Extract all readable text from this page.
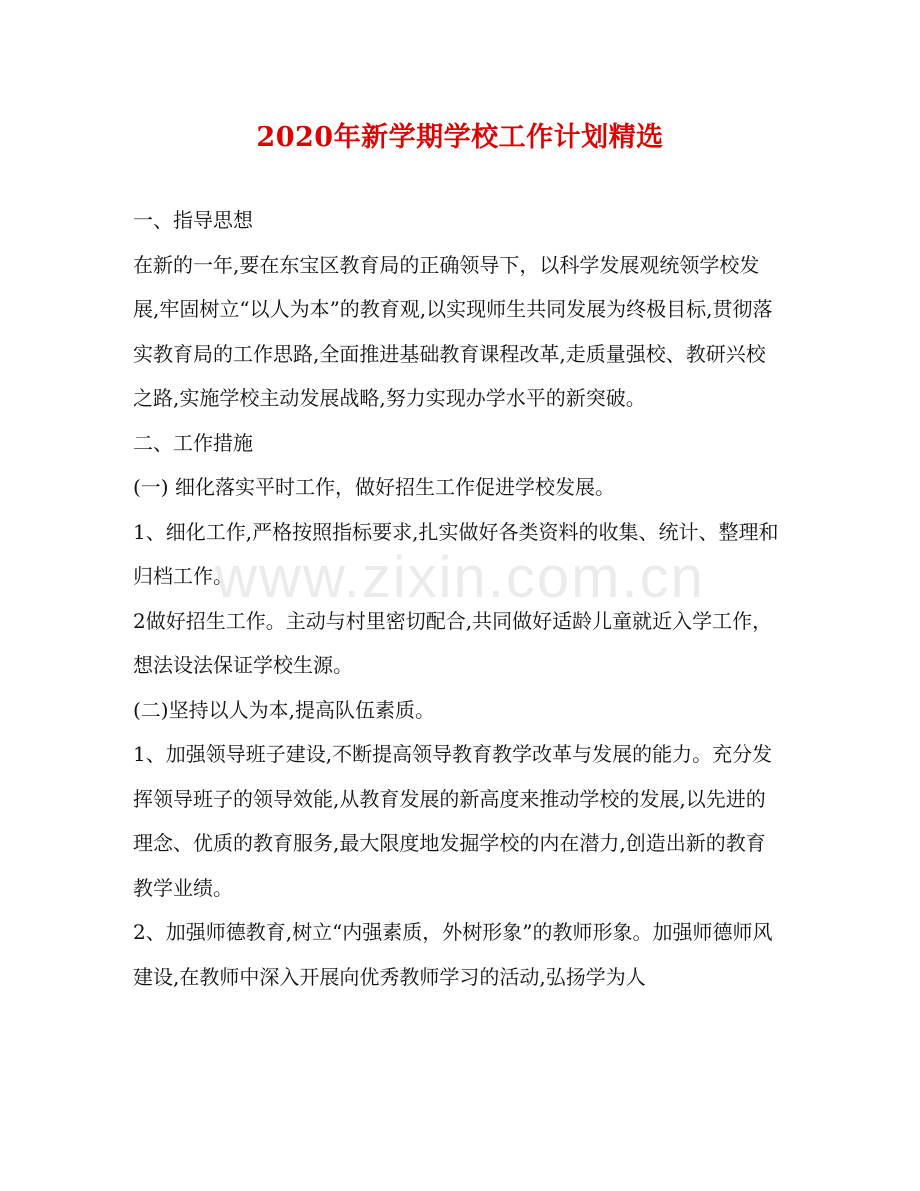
2020年新学期学校工作计划精选
www.zixin.com.cn

一、指导思想

在新的一年,要在东宝区教育局的正确领导下，以科学发展观统领学校发展,牢固树立“以人为本”的教育观,以实现师生共同发展为终极目标,贯彻落实教育局的工作思路,全面推进基础教育课程改革,走质量强校、教研兴校之路,实施学校主动发展战略,努力实现办学水平的新突破。

二、工作措施

(一) 细化落实平时工作，做好招生工作促进学校发展。

1、细化工作,严格按照指标要求,扎实做好各类资料的收集、统计、整理和归档工作。

2做好招生工作。主动与村里密切配合,共同做好适龄儿童就近入学工作，想法设法保证学校生源。

(二)坚持以人为本,提高队伍素质。

1、加强领导班子建设,不断提高领导教育教学改革与发展的能力。充分发挥领导班子的领导效能,从教育发展的新高度来推动学校的发展,以先进的理念、优质的教育服务,最大限度地发掘学校的内在潜力,创造出新的教育教学业绩。

2、加强师德教育,树立“内强素质，外树形象”的教师形象。加强师德师风建设,在教师中深入开展向优秀教师学习的活动,弘扬学为人
